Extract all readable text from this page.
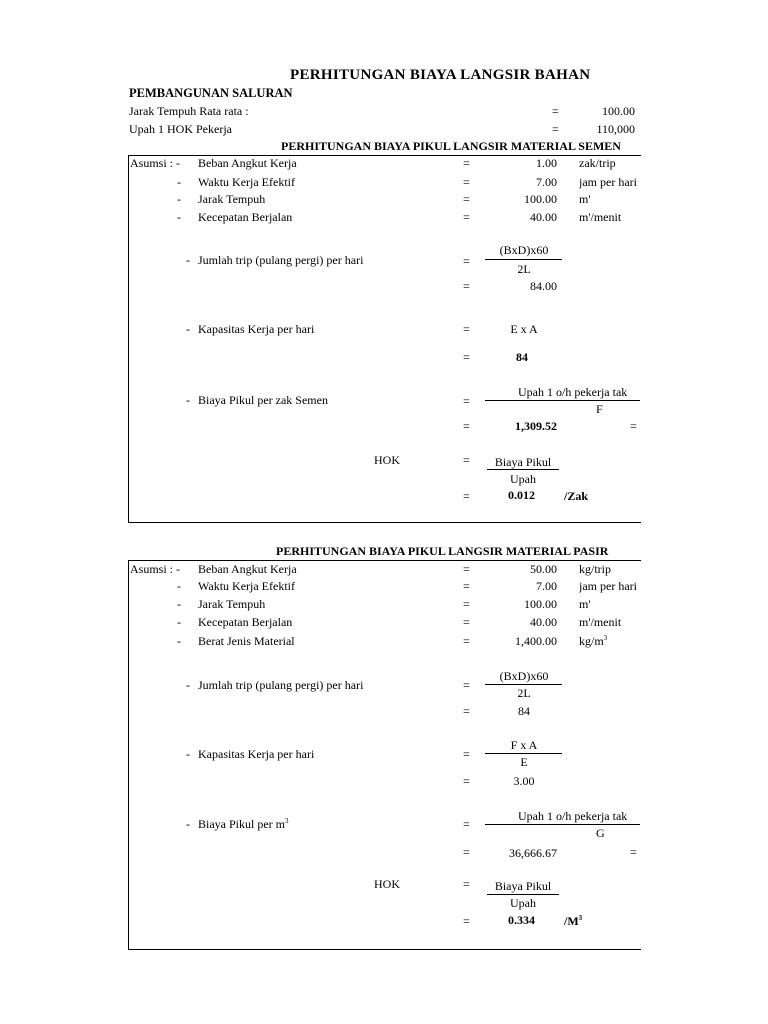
PERHITUNGAN BIAYA LANGSIR BAHAN
PEMBANGUNAN SALURAN
Jarak Tempuh Rata rata :	=	100.00
Upah 1 HOK Pekerja	=	110,000
PERHITUNGAN BIAYA PIKUL LANGSIR MATERIAL SEMEN
Asumsi : - Beban Angkut Kerja	=	1.00 zak/trip
- Waktu Kerja Efektif	=	7.00 jam per hari
- Jarak Tempuh	=	100.00 m'
- Kecepatan Berjalan	=	40.00 m'/menit
- Jumlah trip (pulang pergi) per hari	=
(BxD)x60
2L
=	84.00
- Kapasitas Kerja per hari	=	E x A
=	84
- Biaya Pikul per zak Semen	=
Upah 1 o/h pekerja tak
F
=	1,309.52	=
HOK	=	Biaya Pikul
Upah
=	0.012 /Zak
PERHITUNGAN BIAYA PIKUL LANGSIR MATERIAL PASIR
Asumsi : - Beban Angkut Kerja	=	50.00 kg/trip
- Waktu Kerja Efektif	=	7.00 jam per hari
- Jarak Tempuh	=	100.00 m'
- Kecepatan Berjalan	=	40.00 m'/menit
- Berat Jenis Material	=	1,400.00 $kg/m^3$
- Jumlah trip (pulang pergi) per hari	=
(BxD)x60
2L
=	84
- Kapasitas Kerja per hari	=
F x A
E
=	3.00
- Biaya Pikul per $m^3$	=
Upah 1 o/h pekerja tak
G
=	36,666.67	=
HOK	=	Biaya Pikul
Upah
=	0.334 $/M^3$
